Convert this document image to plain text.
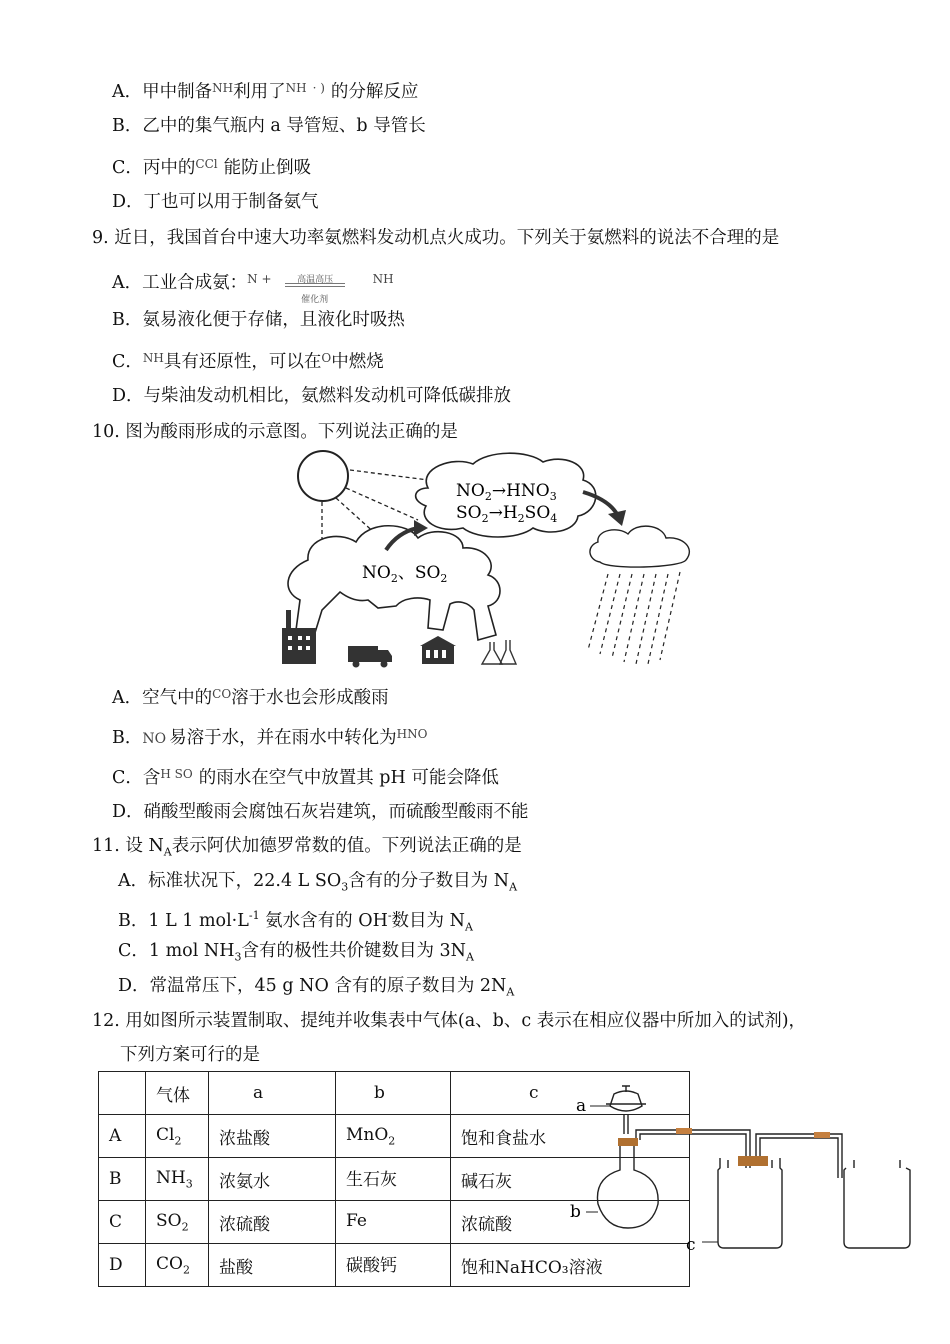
A．甲中制备$^{NH}$利用了$^{NH}$ · ) 的分解反应
B．乙中的集气瓶内 a 导管短、b 导管长
C．丙中的$^{CCl}$ 能防止倒吸
D．丁也可以用于制备氨气
9. 近日，我国首台中速大功率氨燃料发动机点火成功。下列关于氨燃料的说法不合理的是
A．工业合成氨：$^{N +}$	高温高压
催化剂
$^{NH}$
B．氨易液化便于存储，且液化时吸热
C．$^{NH}$具有还原性，可以在$^O$中燃烧
D．与柴油发动机相比，氨燃料发动机可降低碳排放
10. 图为酸雨形成的示意图。下列说法正确的是
$NO_2\to HNO_3$
$SO_2\to H_2SO_4$
$NO_2$、$SO_2$
A．空气中的$^{CO}$溶于水也会形成酸雨
B．NO 易溶于水，并在雨水中转化为$^{HNO}$
C．含$^{H SO}$ 的雨水在空气中放置其 pH 可能会降低
D．硝酸型酸雨会腐蚀石灰岩建筑，而硫酸型酸雨不能
11. 设 $N_A$表示阿伏加德罗常数的值。下列说法正确的是
A．标准状况下，22.4 L $SO_3$含有的分子数目为 $N_A$
B．1 L 1 $mol\cdot L^{-1}$ 氨水含有的 OH-数目为 $N_A$
C．1 mol $NH_3$含有的极性共价键数目为 $3N_A$
D．常温常压下，45 g NO 含有的原子数目为 $2N_A$
12. 用如图所示装置制取、提纯并收集表中气体(a、b、c 表示在相应仪器中所加入的试剂)，
下列方案可行的是
	气体	a	b	c
A	$Cl_2$	浓盐酸	MnO$_2$	饱和食盐水
B	$NH_3$	浓氨水	生石灰	碱石灰
C	$SO_2$	浓硫酸	Fe	浓硫酸
D	$CO_2$	盐酸	碳酸钙	饱和NaHCO₃溶液
a
b
c
